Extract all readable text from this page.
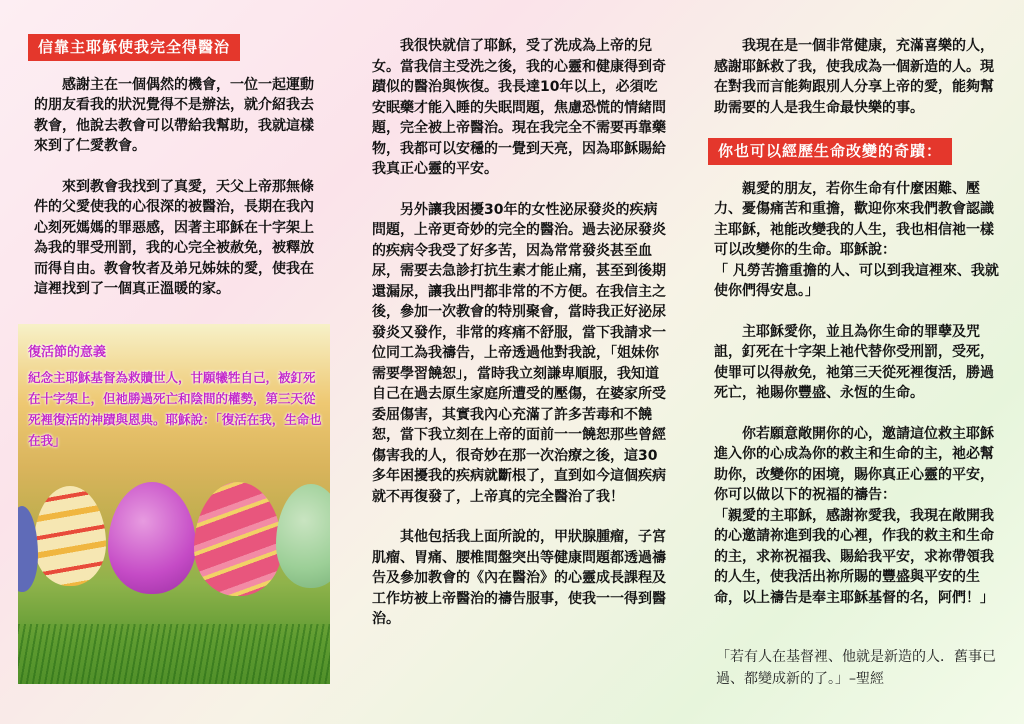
信靠主耶穌使我完全得醫治

感謝主在一個偶然的機會，一位一起運動的朋友看我的狀況覺得不是辦法，就介紹我去教會，他說去教會可以帶給我幫助，我就這樣來到了仁愛教會。

來到教會我找到了真愛，天父上帝那無條件的父愛使我的心很深的被醫治，長期在我內心刻死媽媽的罪惡感，因著主耶穌在十字架上為我的罪受刑罰，我的心完全被赦免，被釋放而得自由。教會牧者及弟兄姊妹的愛，使我在這裡找到了一個真正溫暖的家。

復活節的意義
紀念主耶穌基督為救贖世人，甘願犧牲自己，被釘死在十字架上，但祂勝過死亡和陰間的權勢，第三天從死裡復活的神蹟與恩典。耶穌說：「復活在我，生命也在我」

我很快就信了耶穌，受了洗成為上帝的兒女。當我信主受洗之後，我的心靈和健康得到奇蹟似的醫治與恢復。我長達10年以上，必須吃安眠藥才能入睡的失眠問題，焦慮恐慌的情緒問題，完全被上帝醫治。現在我完全不需要再靠藥物，我都可以安穩的一覺到天亮，因為耶穌賜給我真正心靈的平安。

另外讓我困擾30年的女性泌尿發炎的疾病問題，上帝更奇妙的完全的醫治。過去泌尿發炎的疾病令我受了好多苦，因為常常發炎甚至血尿，需要去急診打抗生素才能止痛，甚至到後期還漏尿，讓我出門都非常的不方便。在我信主之後，參加一次教會的特別聚會，當時我正好泌尿發炎又發作，非常的疼痛不舒服，當下我請求一位同工為我禱告，上帝透過他對我說，「姐妹你需要學習饒恕」，當時我立刻謙卑順服，我知道自己在過去原生家庭所遭受的壓傷，在婆家所受委屈傷害，其實我內心充滿了許多苦毒和不饒恕，當下我立刻在上帝的面前一一饒恕那些曾經傷害我的人，很奇妙在那一次治療之後，這30多年困擾我的疾病就斷根了，直到如今這個疾病就不再復發了，上帝真的完全醫治了我！

其他包括我上面所說的，甲狀腺腫瘤，子宮肌瘤、胃痛、腰椎間盤突出等健康問題都透過禱告及參加教會的《內在醫治》的心靈成長課程及工作坊被上帝醫治的禱告服事，使我一一得到醫治。

我現在是一個非常健康，充滿喜樂的人，感謝耶穌救了我，使我成為一個新造的人。現在對我而言能夠跟別人分享上帝的愛，能夠幫助需要的人是我生命最快樂的事。

你也可以經歷生命改變的奇蹟：

親愛的朋友，若你生命有什麼困難、壓力、憂傷痛苦和重擔，歡迎你來我們教會認識主耶穌，祂能改變我的人生，我也相信祂一樣可以改變你的生命。耶穌說：

「 凡勞苦擔重擔的人、可以到我這裡來、我就使你們得安息。」

主耶穌愛你，並且為你生命的罪孽及咒詛，釘死在十字架上祂代替你受刑罰，受死，使罪可以得赦免，祂第三天從死裡復活，勝過死亡，祂賜你豐盛、永恆的生命。

你若願意敞開你的心，邀請這位救主耶穌進入你的心成為你的救主和生命的主，祂必幫助你，改變你的困境，賜你真正心靈的平安，你可以做以下的祝福的禱告：

「親愛的主耶穌，感謝祢愛我，我現在敞開我的心邀請祢進到我的心裡，作我的救主和生命的主，求祢祝福我、賜給我平安，求祢帶領我的人生，使我活出祢所賜的豐盛與平安的生命，以上禱告是奉主耶穌基督的名，阿們！」

「若有人在基督裡、他就是新造的人．舊事已過、都變成新的了。」–聖經
